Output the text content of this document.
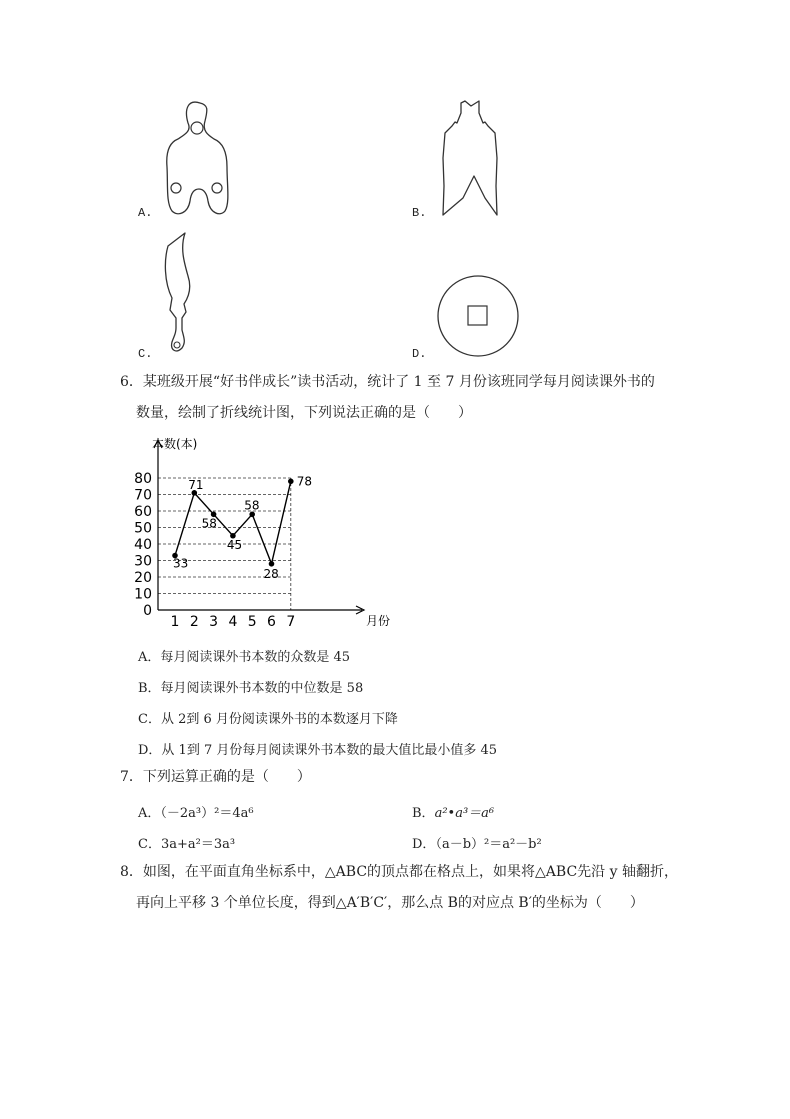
A.	B.
C.	D.
6．某班级开展“好书伴成长”读书活动，统计了 1 至 7 月份该班同学每月阅读课外书的
数量，绘制了折线统计图，下列说法正确的是（　　）
本数(本)
月份
0
10
20
30
40
50
60
70
80
1 2 3 4 5 6 7
33
71
58
45
58
28
78
A．每月阅读课外书本数的众数是 45
B．每月阅读课外书本数的中位数是 58
C．从 2到 6 月份阅读课外书的本数逐月下降
D．从 1到 7 月份每月阅读课外书本数的最大值比最小值多 45
7．下列运算正确的是（　　）
A．（－2a³）²＝4a⁶	B．a²•a³＝a⁶
C．3a+a²＝3a³	D．（a－b）²＝a²－b²
8．如图，在平面直角坐标系中，△ABC的顶点都在格点上，如果将△ABC先沿 y 轴翻折，
再向上平移 3 个单位长度，得到△A′B′C′，那么点 B的对应点 B′的坐标为（　　）
